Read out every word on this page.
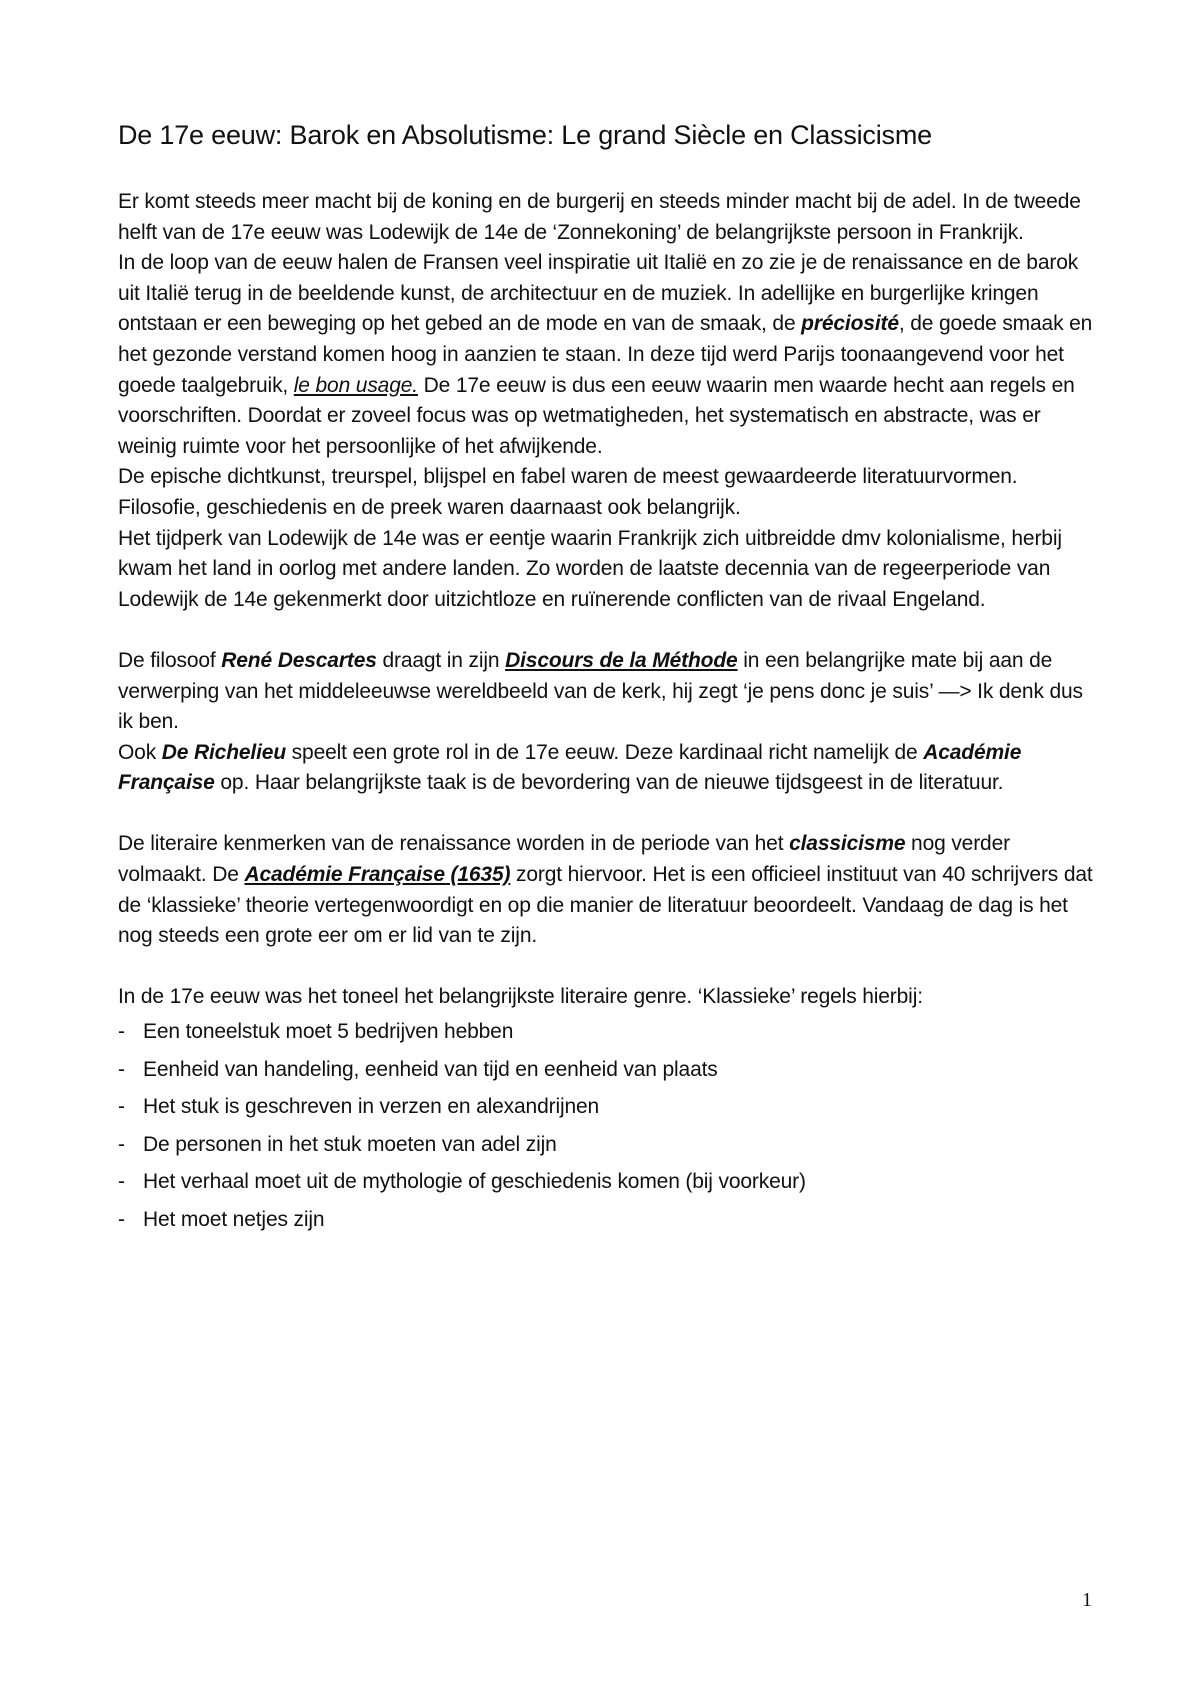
De 17e eeuw: Barok en Absolutisme: Le grand Siècle en Classicisme

Er komt steeds meer macht bij de koning en de burgerij en steeds minder macht bij de adel. In de tweede helft van de 17e eeuw was Lodewijk de 14e de ‘Zonnekoning’ de belangrijkste persoon in Frankrijk.

In de loop van de eeuw halen de Fransen veel inspiratie uit Italië en zo zie je de renaissance en de barok uit Italië terug in de beeldende kunst, de architectuur en de muziek. In adellijke en burgerlijke kringen ontstaan er een beweging op het gebed an de mode en van de smaak, de préciosité, de goede smaak en het gezonde verstand komen hoog in aanzien te staan. In deze tijd werd Parijs toonaangevend voor het goede taalgebruik, le bon usage. De 17e eeuw is dus een eeuw waarin men waarde hecht aan regels en voorschriften. Doordat er zoveel focus was op wetmatigheden, het systematisch en abstracte, was er weinig ruimte voor het persoonlijke of het afwijkende.

De epische dichtkunst, treurspel, blijspel en fabel waren de meest gewaardeerde literatuurvormen. Filosofie, geschiedenis en de preek waren daarnaast ook belangrijk.

Het tijdperk van Lodewijk de 14e was er eentje waarin Frankrijk zich uitbreidde dmv kolonialisme, herbij kwam het land in oorlog met andere landen. Zo worden de laatste decennia van de regeerperiode van Lodewijk de 14e gekenmerkt door uitzichtloze en ruïnerende conflicten van de rivaal Engeland.

De filosoof René Descartes draagt in zijn Discours de la Méthode in een belangrijke mate bij aan de verwerping van het middeleeuwse wereldbeeld van de kerk, hij zegt ‘je pens donc je suis’ —> Ik denk dus ik ben.

Ook De Richelieu speelt een grote rol in de 17e eeuw. Deze kardinaal richt namelijk de Académie Française op. Haar belangrijkste taak is de bevordering van de nieuwe tijdsgeest in de literatuur.

De literaire kenmerken van de renaissance worden in de periode van het classicisme nog verder volmaakt. De Académie Française (1635) zorgt hiervoor. Het is een officieel instituut van 40 schrijvers dat de ‘klassieke’ theorie vertegenwoordigt en op die manier de literatuur beoordeelt. Vandaag de dag is het nog steeds een grote eer om er lid van te zijn.

In de 17e eeuw was het toneel het belangrijkste literaire genre. ‘Klassieke’ regels hierbij:

- Een toneelstuk moet 5 bedrijven hebben
- Eenheid van handeling, eenheid van tijd en eenheid van plaats
- Het stuk is geschreven in verzen en alexandrijnen
- De personen in het stuk moeten van adel zijn
- Het verhaal moet uit de mythologie of geschiedenis komen (bij voorkeur)
- Het moet netjes zijn
1
